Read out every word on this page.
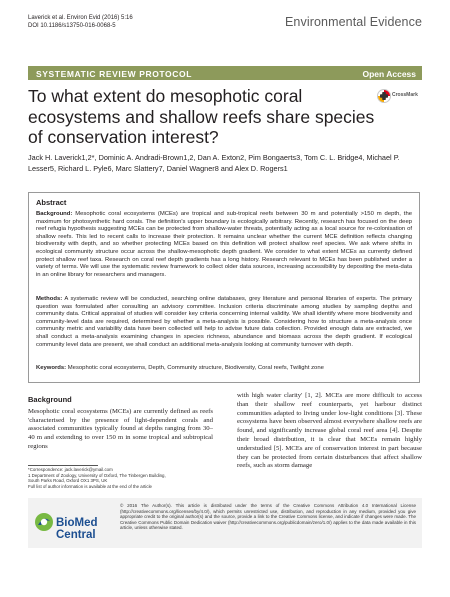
Laverick et al. Environ Evid (2016) 5:16
DOI 10.1186/s13750-016-0068-5	Environmental Evidence
SYSTEMATIC REVIEW PROTOCOL	Open Access
To what extent do mesophotic coral ecosystems and shallow reefs share species of conservation interest?
CrossMark
Jack H. Laverick1,2*, Dominic A. Andradi-Brown1,2, Dan A. Exton2, Pim Bongaerts3, Tom C. L. Bridge4, Michael P. Lesser5, Richard L. Pyle6, Marc Slattery7, Daniel Wagner8 and Alex D. Rogers1
Abstract

Background: Mesophotic coral ecosystems (MCEs) are tropical and sub-tropical reefs between 30 m and potentially >150 m depth, the maximum for photosynthetic hard corals. The definition's upper boundary is ecologically arbitrary. Recently, research has focused on the deep reef refugia hypothesis suggesting MCEs can be protected from shallow-water threats, potentially acting as a local source for re-colonisation of shallow reefs. This led to recent calls to increase their protection. It remains unclear whether the current MCE definition reflects changing biodiversity with depth, and so whether protecting MCEs based on this definition will protect shallow reef species. We ask where shifts in ecological community structure occur across the shallow-mesophotic depth gradient. We consider to what extent MCEs as currently defined protect shallow reef taxa. Research on coral reef depth gradients has a long history. Research relevant to MCEs has been published under a variety of terms. We will use the systematic review framework to collect older data sources, increasing accessibility by depositing the meta-data in an online library for researchers and managers.

Methods: A systematic review will be conducted, searching online databases, grey literature and personal libraries of experts. The primary question was formulated after consulting an advisory committee. Inclusion criteria discriminate among studies by sampling depths and community data. Critical appraisal of studies will consider key criteria concerning internal validity. We shall identify where more biodiversity and community-level data are required, determined by whether a meta-analysis is possible. Considering how to structure a meta-analysis once community metric and variability data have been collected will help to advise future data collection. Provided enough data are extracted, we shall conduct a meta-analysis examining changes in species richness, abundance and biomass across the depth gradient. If ecological community level data are present, we shall conduct an additional meta-analysis looking at community turnover with depth.

Keywords: Mesophotic coral ecosystems, Depth, Community structure, Biodiversity, Coral reefs, Twilight zone

Background
Mesophotic coral ecosystems (MCEs) are currently defined as reefs 'characterised by the presence of light-dependent corals and associated communities typically found at depths ranging from 30–40 m and extending to over 150 m in some tropical and subtropical regions
with high water clarity' [1, 2]. MCEs are more difficult to access than their shallow reef counterparts, yet harbour distinct communities adapted to living under low-light conditions [3]. These ecosystems have been observed almost everywhere shallow reefs are found, and significantly increase global coral reef area [4]. Despite their broad distribution, it is clear that MCEs remain highly understudied [5]. MCEs are of conservation interest in part because they can be protected from certain disturbances that affect shallow reefs, such as storm damage
*Correspondence: jack.laverick@ymail.com
1 Department of Zoology, University of Oxford, The Tinbergen Building,
South Parks Road, Oxford OX1 3PS, UK
Full list of author information is available at the end of the article
BioMed Central
© 2016 The Author(s). This article is distributed under the terms of the Creative Commons Attribution 4.0 International License (http://creativecommons.org/licenses/by/4.0/), which permits unrestricted use, distribution, and reproduction in any medium, provided you give appropriate credit to the original author(s) and the source, provide a link to the Creative Commons license, and indicate if changes were made. The Creative Commons Public Domain Dedication waiver (http://creativecommons.org/publicdomain/zero/1.0/) applies to the data made available in this article, unless otherwise stated.
